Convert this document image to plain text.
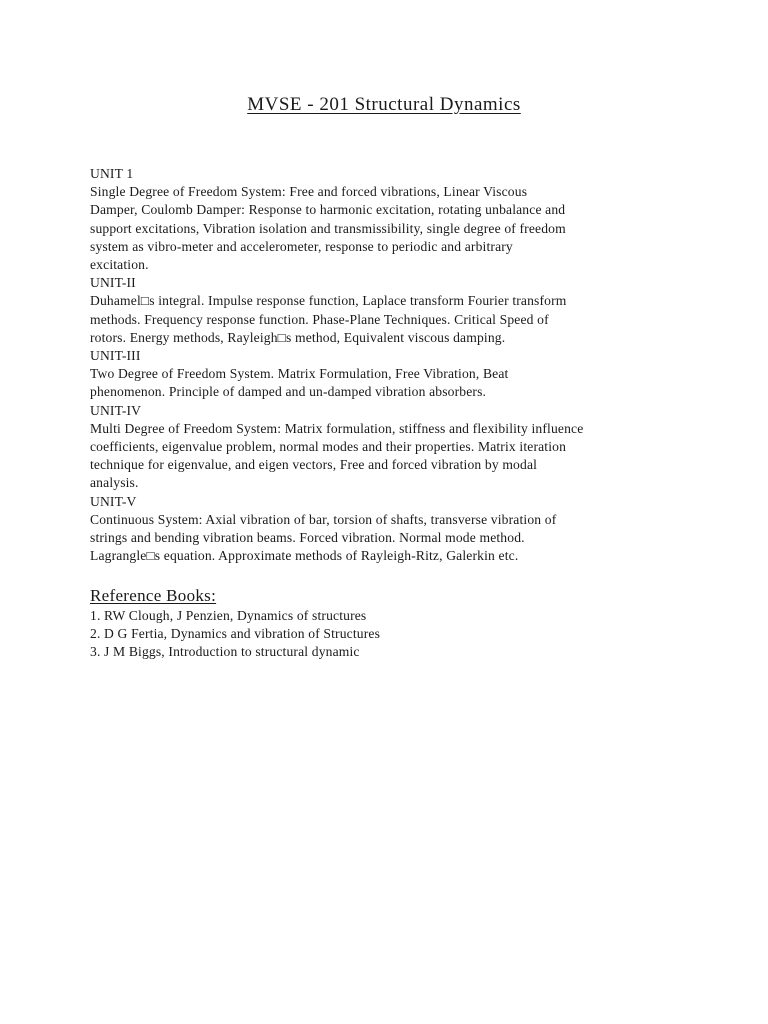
MVSE - 201 Structural Dynamics
UNIT 1
Single Degree of Freedom System: Free and forced vibrations, Linear Viscous
Damper, Coulomb Damper: Response to harmonic excitation, rotating unbalance and
support excitations, Vibration isolation and transmissibility, single degree of freedom
system as vibro-meter and accelerometer, response to periodic and arbitrary
excitation.
UNIT-II
Duhamel□s integral. Impulse response function, Laplace transform Fourier transform
methods. Frequency response function. Phase-Plane Techniques. Critical Speed of
rotors. Energy methods, Rayleigh□s method, Equivalent viscous damping.
UNIT-III
Two Degree of Freedom System. Matrix Formulation, Free Vibration, Beat
phenomenon. Principle of damped and un-damped vibration absorbers.
UNIT-IV
Multi Degree of Freedom System: Matrix formulation, stiffness and flexibility influence
coefficients, eigenvalue problem, normal modes and their properties. Matrix iteration
technique for eigenvalue, and eigen vectors, Free and forced vibration by modal
analysis.
UNIT-V
Continuous System: Axial vibration of bar, torsion of shafts, transverse vibration of
strings and bending vibration beams. Forced vibration. Normal mode method.
Lagrangle□s equation. Approximate methods of Rayleigh-Ritz, Galerkin etc.
Reference Books:
1. RW Clough, J Penzien, Dynamics of structures
2. D G Fertia, Dynamics and vibration of Structures
3. J M Biggs, Introduction to structural dynamic
